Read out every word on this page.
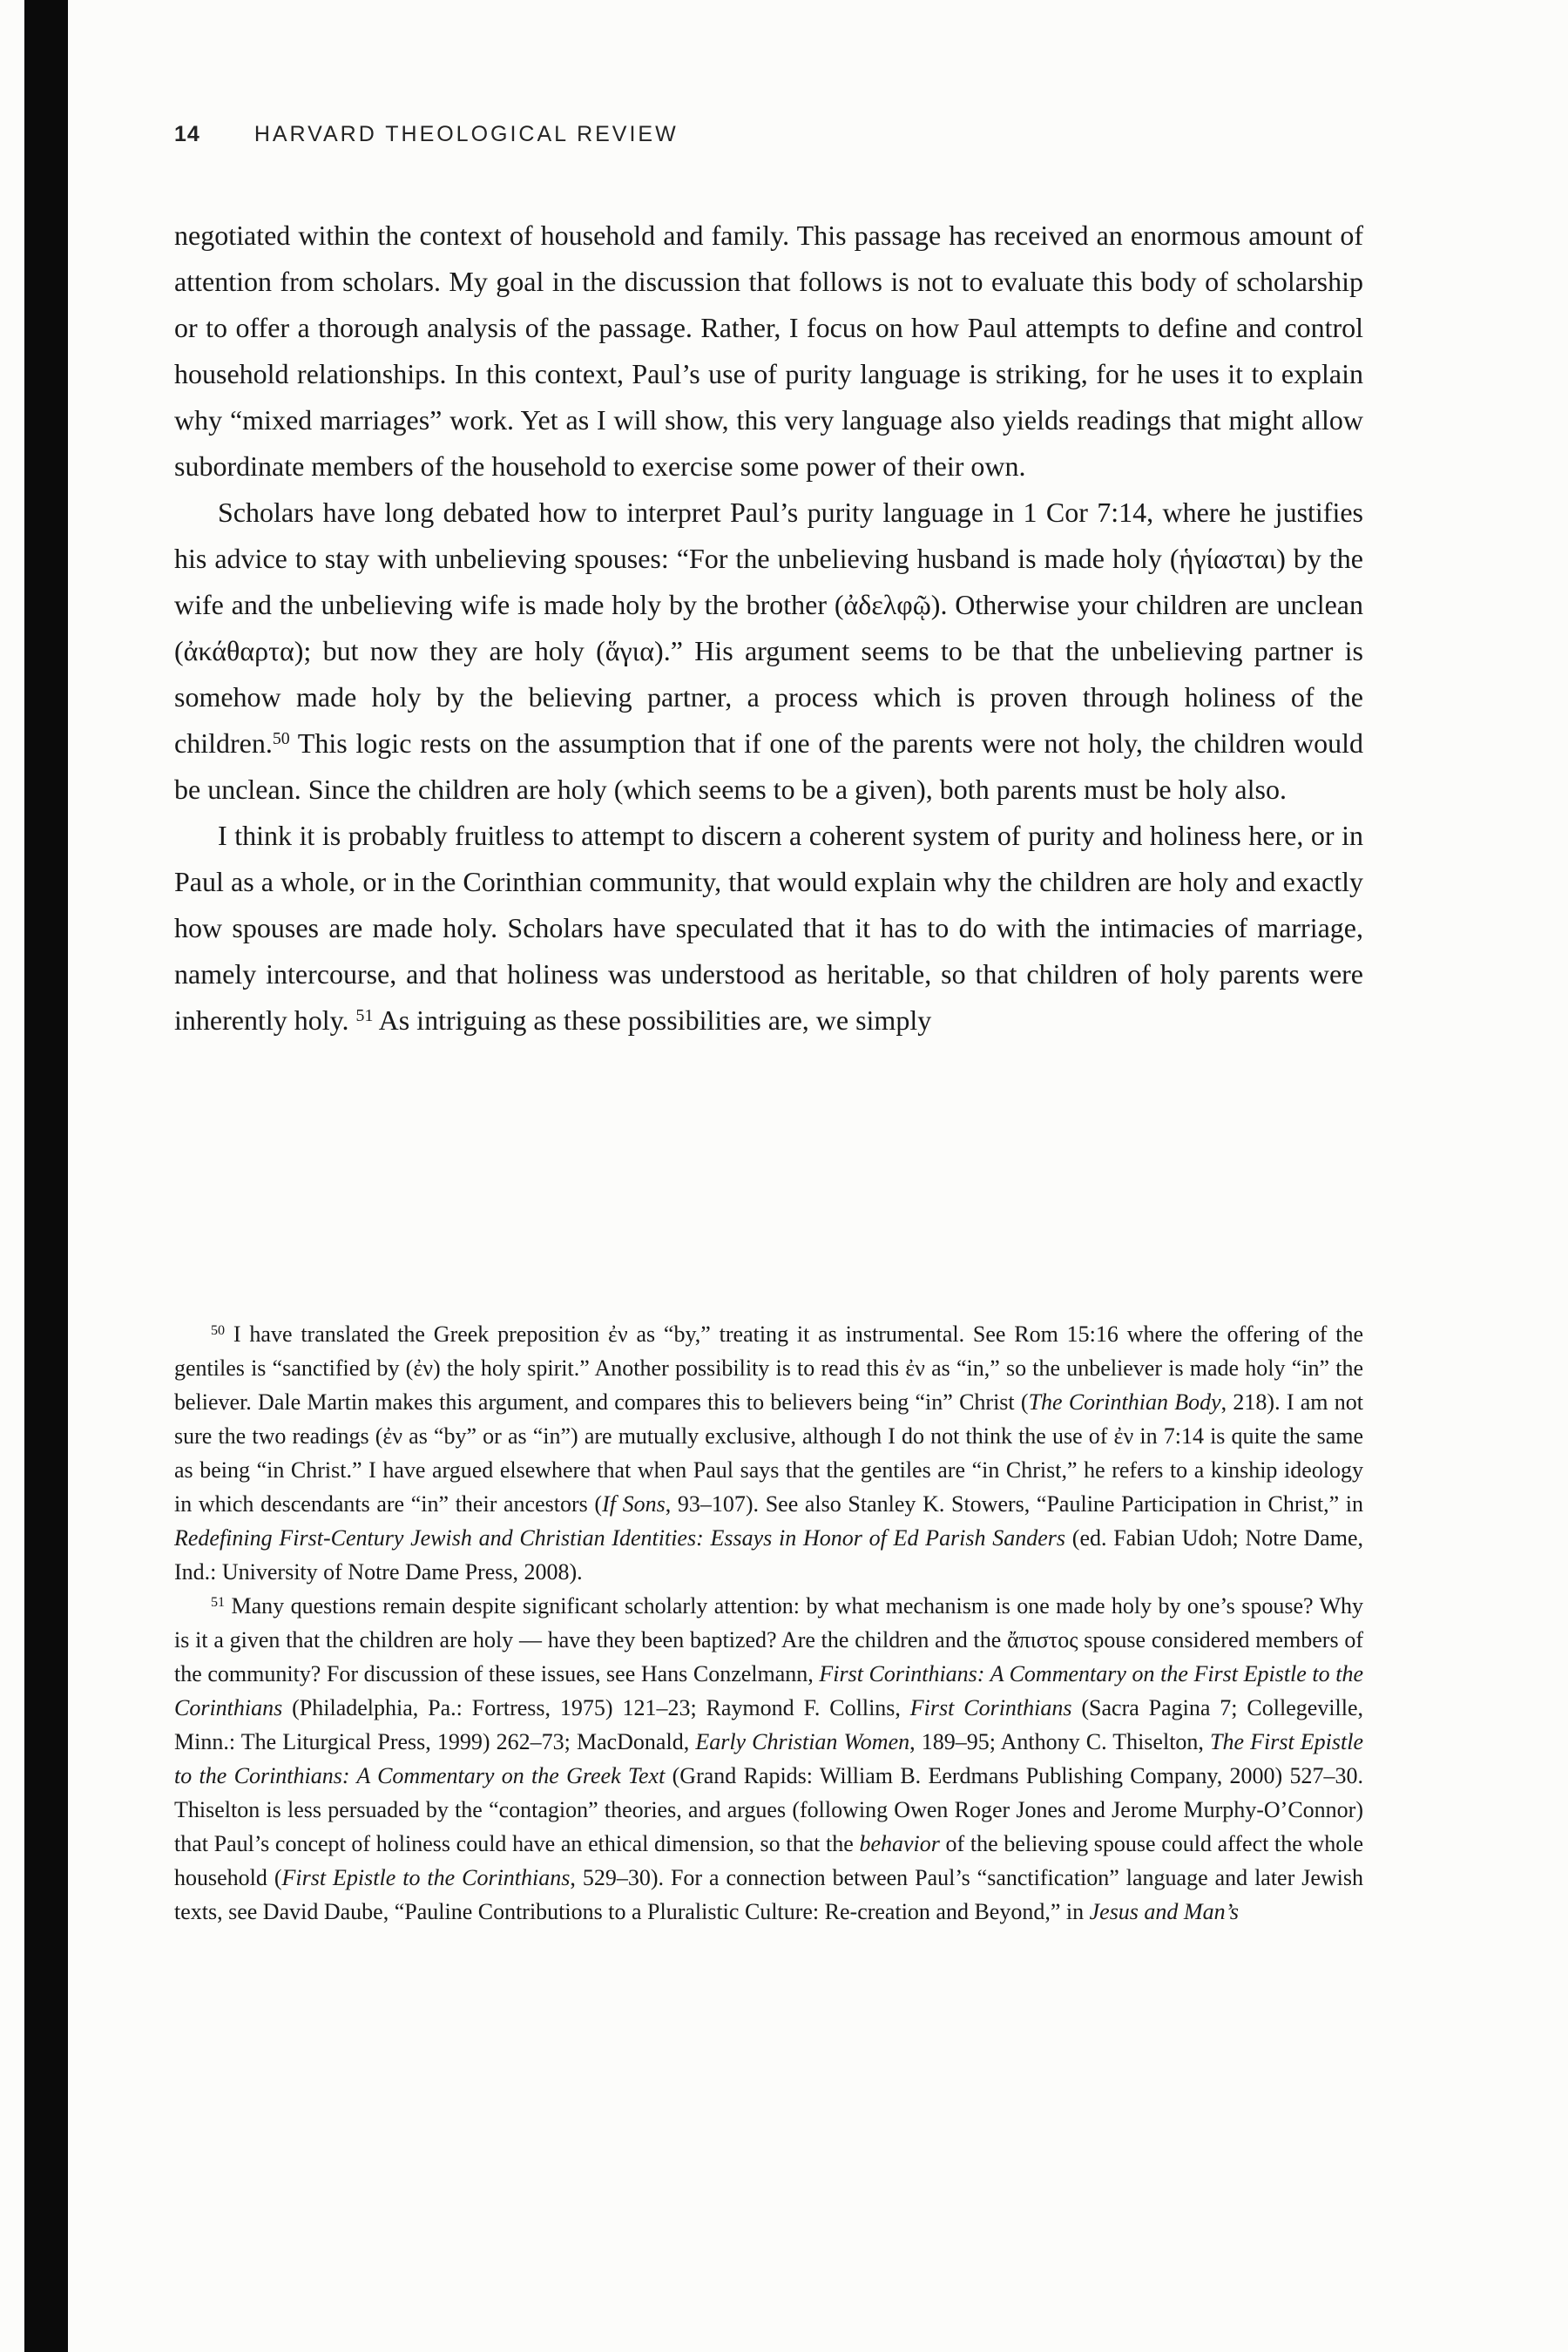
14 HARVARD THEOLOGICAL REVIEW

negotiated within the context of household and family. This passage has received an enormous amount of attention from scholars. My goal in the discussion that follows is not to evaluate this body of scholarship or to offer a thorough analysis of the passage. Rather, I focus on how Paul attempts to define and control household relationships. In this context, Paul’s use of purity language is striking, for he uses it to explain why “mixed marriages” work. Yet as I will show, this very language also yields readings that might allow subordinate members of the household to exercise some power of their own.

Scholars have long debated how to interpret Paul’s purity language in 1 Cor 7:14, where he justifies his advice to stay with unbelieving spouses: “For the unbelieving husband is made holy (ἡγίασται) by the wife and the unbelieving wife is made holy by the brother (ἀδελφῷ). Otherwise your children are unclean (ἀκάθαρτα); but now they are holy (ἅγια).” His argument seems to be that the unbelieving partner is somehow made holy by the believing partner, a process which is proven through holiness of the children.$^{50}$ This logic rests on the assumption that if one of the parents were not holy, the children would be unclean. Since the children are holy (which seems to be a given), both parents must be holy also.

I think it is probably fruitless to attempt to discern a coherent system of purity and holiness here, or in Paul as a whole, or in the Corinthian community, that would explain why the children are holy and exactly how spouses are made holy. Scholars have speculated that it has to do with the intimacies of marriage, namely intercourse, and that holiness was understood as heritable, so that children of holy parents were inherently holy. $^{51}$ As intriguing as these possibilities are, we simply

$^{50}$ I have translated the Greek preposition ἐν as “by,” treating it as instrumental. See Rom 15:16 where the offering of the gentiles is “sanctified by (ἐν) the holy spirit.” Another possibility is to read this ἐν as “in,” so the unbeliever is made holy “in” the believer. Dale Martin makes this argument, and compares this to believers being “in” Christ (The Corinthian Body, 218). I am not sure the two readings (ἐν as “by” or as “in”) are mutually exclusive, although I do not think the use of ἐν in 7:14 is quite the same as being “in Christ.” I have argued elsewhere that when Paul says that the gentiles are “in Christ,” he refers to a kinship ideology in which descendants are “in” their ancestors (If Sons, 93–107). See also Stanley K. Stowers, “Pauline Participation in Christ,” in Redefining First-Century Jewish and Christian Identities: Essays in Honor of Ed Parish Sanders (ed. Fabian Udoh; Notre Dame, Ind.: University of Notre Dame Press, 2008).

$^{51}$ Many questions remain despite significant scholarly attention: by what mechanism is one made holy by one’s spouse? Why is it a given that the children are holy — have they been baptized? Are the children and the ἄπιστος spouse considered members of the community? For discussion of these issues, see Hans Conzelmann, First Corinthians: A Commentary on the First Epistle to the Corinthians (Philadelphia, Pa.: Fortress, 1975) 121–23; Raymond F. Collins, First Corinthians (Sacra Pagina 7; Collegeville, Minn.: The Liturgical Press, 1999) 262–73; MacDonald, Early Christian Women, 189–95; Anthony C. Thiselton, The First Epistle to the Corinthians: A Commentary on the Greek Text (Grand Rapids: William B. Eerdmans Publishing Company, 2000) 527–30. Thiselton is less persuaded by the “contagion” theories, and argues (following Owen Roger Jones and Jerome Murphy-O’Connor) that Paul’s concept of holiness could have an ethical dimension, so that the behavior of the believing spouse could affect the whole household (First Epistle to the Corinthians, 529–30). For a connection between Paul’s “sanctification” language and later Jewish texts, see David Daube, “Pauline Contributions to a Pluralistic Culture: Re-creation and Beyond,” in Jesus and Man’s
